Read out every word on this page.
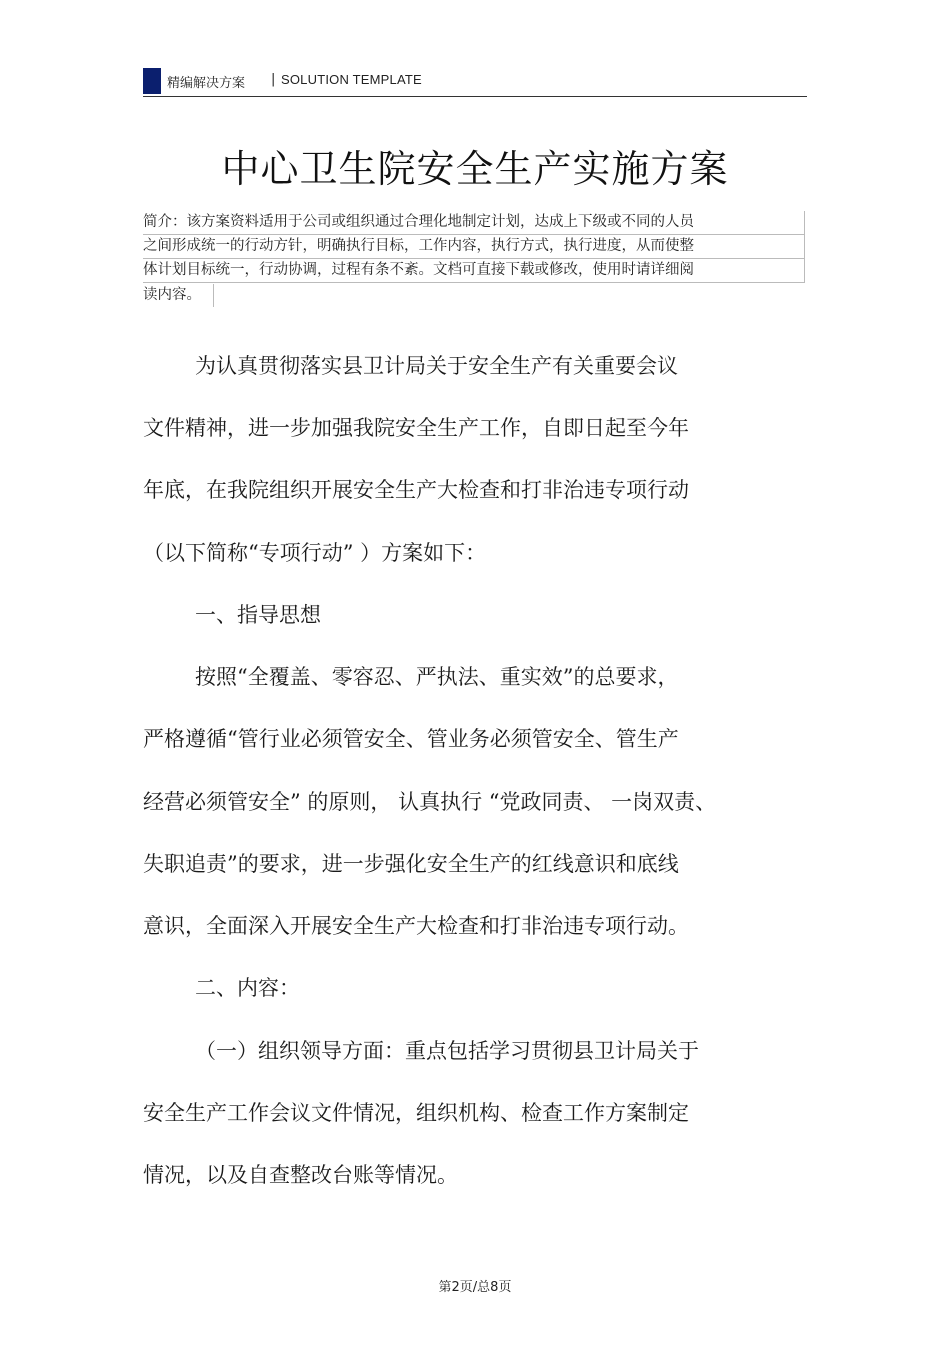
精编解决方案 | SOLUTION TEMPLATE
中心卫生院安全生产实施方案
简介：该方案资料适用于公司或组织通过合理化地制定计划，达成上下级或不同的人员
之间形成统一的行动方针，明确执行目标，工作内容，执行方式，执行进度，从而使整
体计划目标统一，行动协调，过程有条不紊。文档可直接下载或修改，使用时请详细阅
读内容。
为认真贯彻落实县卫计局关于安全生产有关重要会议
文件精神，进一步加强我院安全生产工作，自即日起至今年
年底，在我院组织开展安全生产大检查和打非治违专项行动
（以下简称“专项行动” ）方案如下：
一、指导思想
按照“全覆盖、零容忍、严执法、重实效”的总要求，
严格遵循“管行业必须管安全、管业务必须管安全、管生产
经营必须管安全” 的原则， 认真执行 “党政同责、 一岗双责、
失职追责”的要求，进一步强化安全生产的红线意识和底线
意识，全面深入开展安全生产大检查和打非治违专项行动。
二、内容：
（一）组织领导方面：重点包括学习贯彻县卫计局关于
安全生产工作会议文件情况，组织机构、检查工作方案制定
情况，以及自查整改台账等情况。
第2页/总8页
